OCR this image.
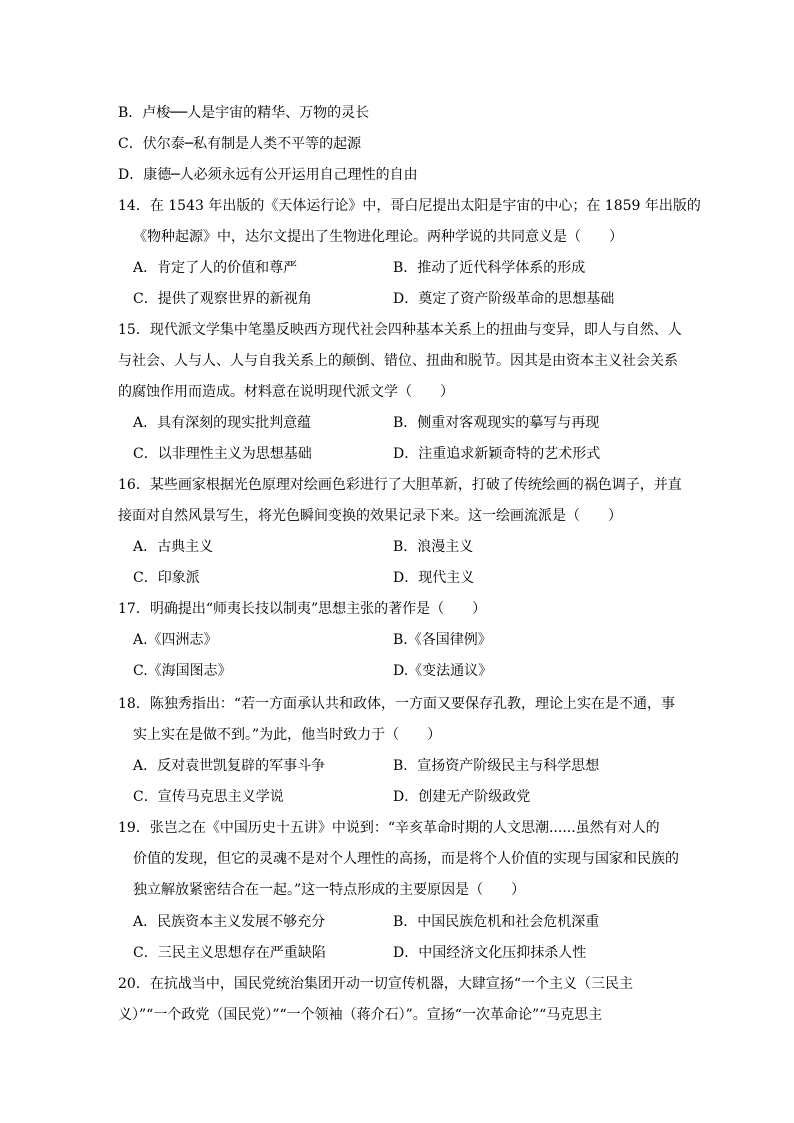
B．卢梭──人是宇宙的精华、万物的灵长
C．伏尔泰─私有制是人类不平等的起源
D．康德─人必须永远有公开运用自己理性的自由
14．在 1543 年出版的《天体运行论》中，哥白尼提出太阳是宇宙的中心；在 1859 年出版的
《物种起源》中，达尔文提出了生物进化理论。两种学说的共同意义是（　　）
A．肯定了人的价值和尊严	B．推动了近代科学体系的形成
C．提供了观察世界的新视角	D．奠定了资产阶级革命的思想基础
15．现代派文学集中笔墨反映西方现代社会四种基本关系上的扭曲与变异，即人与自然、人
与社会、人与人、人与自我关系上的颠倒、错位、扭曲和脱节。因其是由资本主义社会关系
的腐蚀作用而造成。材料意在说明现代派文学（　　）
A．具有深刻的现实批判意蕴	B．侧重对客观现实的摹写与再现
C．以非理性主义为思想基础	D．注重追求新颖奇特的艺术形式
16．某些画家根据光色原理对绘画色彩进行了大胆革新，打破了传统绘画的祸色调子，并直
接面对自然风景写生，将光色瞬间变换的效果记录下来。这一绘画流派是（　　）
A．古典主义	B．浪漫主义
C．印象派	D．现代主义
17．明确提出“师夷长技以制夷”思想主张的著作是（　　）
A.《四洲志》	B.《各国律例》
C.《海国图志》	D.《变法通议》
18．陈独秀指出：“若一方面承认共和政体，一方面又要保存孔教，理论上实在是不通，事
实上实在是做不到。”为此，他当时致力于（　　）
A．反对袁世凯复辟的军事斗争	B．宣扬资产阶级民主与科学思想
C．宣传马克思主义学说	D．创建无产阶级政党
19．张岂之在《中国历史十五讲》中说到：“辛亥革命时期的人文思潮......虽然有对人的
价值的发现，但它的灵魂不是对个人理性的高扬，而是将个人价值的实现与国家和民族的
独立解放紧密结合在一起。”这一特点形成的主要原因是（　　）
A．民族资本主义发展不够充分	B．中国民族危机和社会危机深重
C．三民主义思想存在严重缺陷	D．中国经济文化压抑抹杀人性
20．在抗战当中，国民党统治集团开动一切宣传机器，大肆宣扬“一个主义（三民主
义）”“一个政党（国民党）”“一个领袖（蒋介石）”。宣扬“一次革命论”“马克思主
